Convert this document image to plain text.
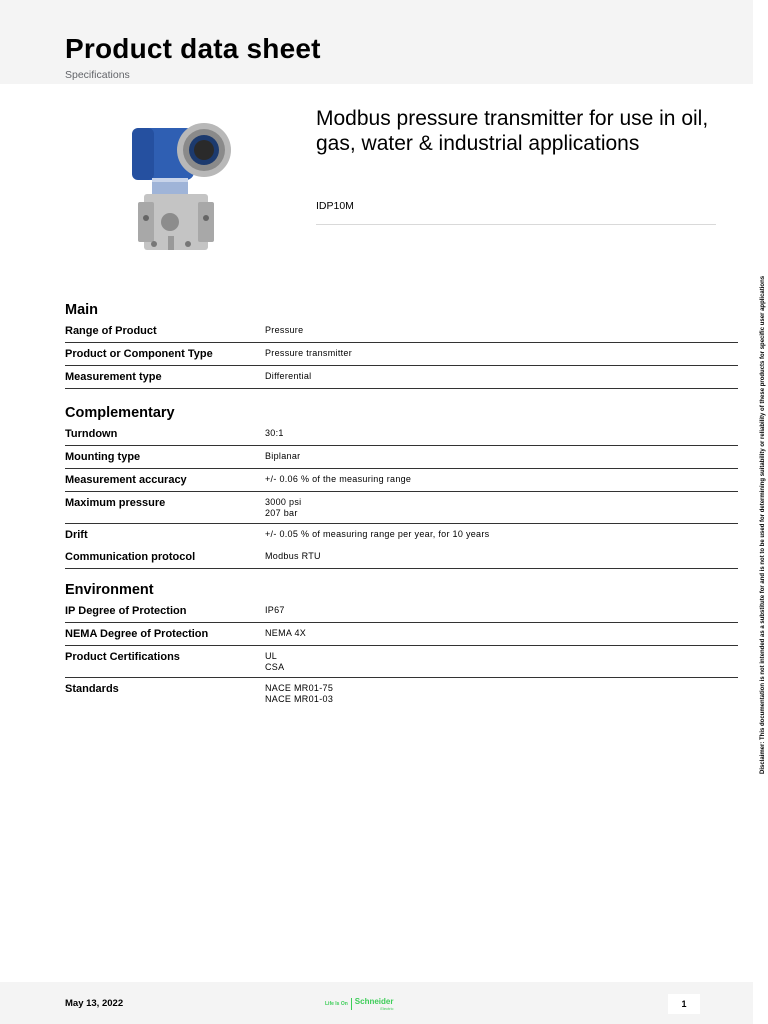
Product data sheet
Specifications
Modbus pressure transmitter for use in oil, gas, water & industrial applications
IDP10M
Main
Range of Product	Pressure
Product or Component Type	Pressure transmitter
Measurement type	Differential
Complementary
Turndown	30:1
Mounting type	Biplanar
Measurement accuracy	+/- 0.06 % of the measuring range
Maximum pressure	3000 psi
207 bar
Drift	+/- 0.05 % of measuring range per year, for 10 years
Communication protocol	Modbus RTU
Environment
IP Degree of Protection	IP67
NEMA Degree of Protection	NEMA 4X
Product Certifications	UL
CSA
Standards	NACE MR01-75
NACE MR01-03	Disclaimer: This documentation is not intended as a substitute for and is not to be used for determining suitability or reliability of these products for specific user applications
May 13, 2022	Life Is On Schneider
Electric	1
